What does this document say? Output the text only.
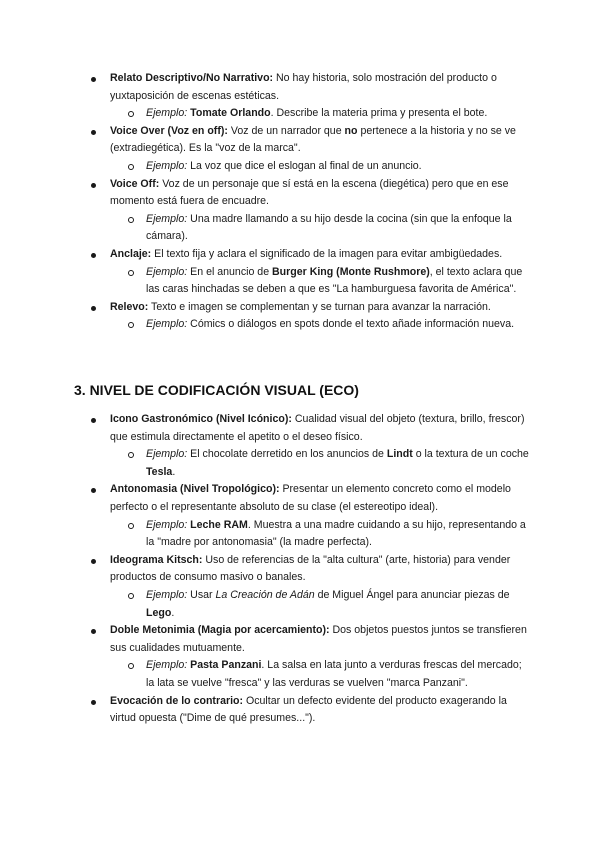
Relato Descriptivo/No Narrativo: No hay historia, solo mostración del producto o yuxtaposición de escenas estéticas.
Ejemplo: Tomate Orlando. Describe la materia prima y presenta el bote.
Voice Over (Voz en off): Voz de un narrador que no pertenece a la historia y no se ve (extradiegética). Es la "voz de la marca".
Ejemplo: La voz que dice el eslogan al final de un anuncio.
Voice Off: Voz de un personaje que sí está en la escena (diegética) pero que en ese momento está fuera de encuadre.
Ejemplo: Una madre llamando a su hijo desde la cocina (sin que la enfoque la cámara).
Anclaje: El texto fija y aclara el significado de la imagen para evitar ambigüedades.
Ejemplo: En el anuncio de Burger King (Monte Rushmore), el texto aclara que las caras hinchadas se deben a que es "La hamburguesa favorita de América".
Relevo: Texto e imagen se complementan y se turnan para avanzar la narración.
Ejemplo: Cómics o diálogos en spots donde el texto añade información nueva.
3. NIVEL DE CODIFICACIÓN VISUAL (ECO)
Icono Gastronómico (Nivel Icónico): Cualidad visual del objeto (textura, brillo, frescor) que estimula directamente el apetito o el deseo físico.
Ejemplo: El chocolate derretido en los anuncios de Lindt o la textura de un coche Tesla.
Antonomasia (Nivel Tropológico): Presentar un elemento concreto como el modelo perfecto o el representante absoluto de su clase (el estereotipo ideal).
Ejemplo: Leche RAM. Muestra a una madre cuidando a su hijo, representando a la "madre por antonomasia" (la madre perfecta).
Ideograma Kitsch: Uso de referencias de la "alta cultura" (arte, historia) para vender productos de consumo masivo o banales.
Ejemplo: Usar La Creación de Adán de Miguel Ángel para anunciar piezas de Lego.
Doble Metonimia (Magia por acercamiento): Dos objetos puestos juntos se transfieren sus cualidades mutuamente.
Ejemplo: Pasta Panzani. La salsa en lata junto a verduras frescas del mercado; la lata se vuelve "fresca" y las verduras se vuelven "marca Panzani".
Evocación de lo contrario: Ocultar un defecto evidente del producto exagerando la virtud opuesta ("Dime de qué presumes...").
